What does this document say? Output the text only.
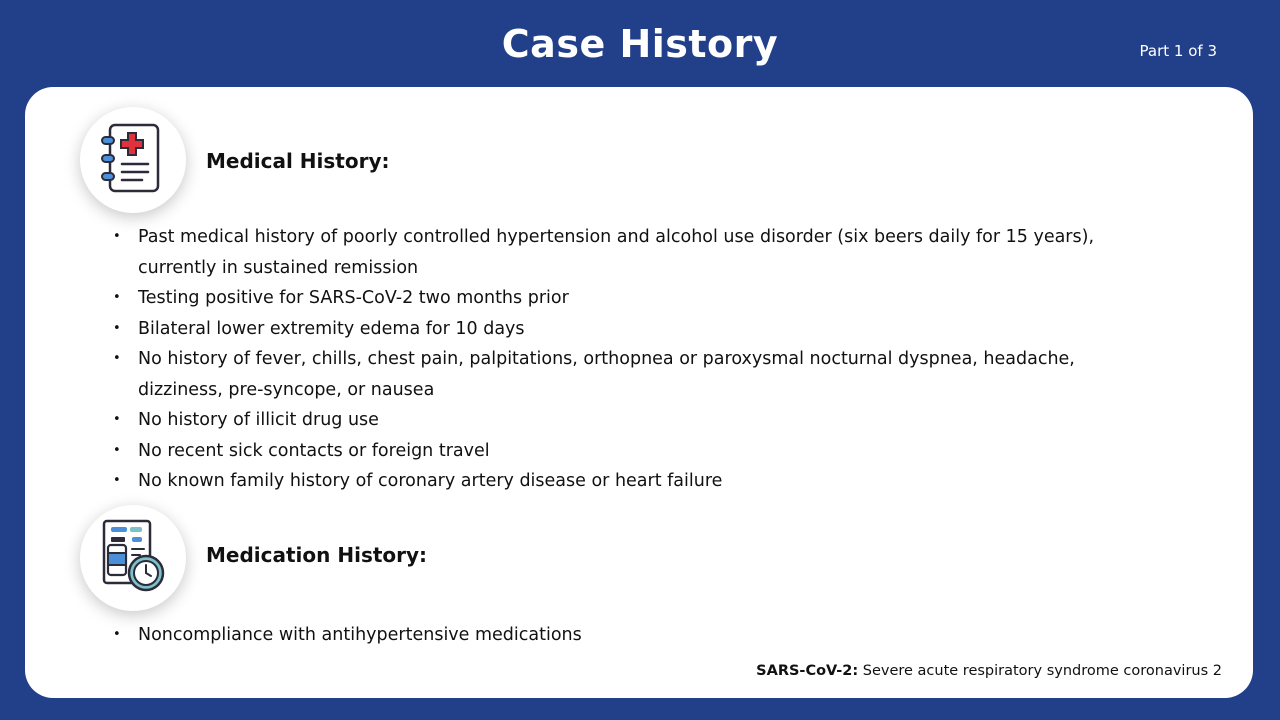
Case History	Part 1 of 3
Medical History:
• Past medical history of poorly controlled hypertension and alcohol use disorder (six beers daily for 15 years), currently in sustained remission
• Testing positive for SARS-CoV-2 two months prior
• Bilateral lower extremity edema for 10 days
• No history of fever, chills, chest pain, palpitations, orthopnea or paroxysmal nocturnal dyspnea, headache, dizziness, pre-syncope, or nausea
• No history of illicit drug use
• No recent sick contacts or foreign travel
• No known family history of coronary artery disease or heart failure
Medication History:
• Noncompliance with antihypertensive medications
SARS-CoV-2: Severe acute respiratory syndrome coronavirus 2
